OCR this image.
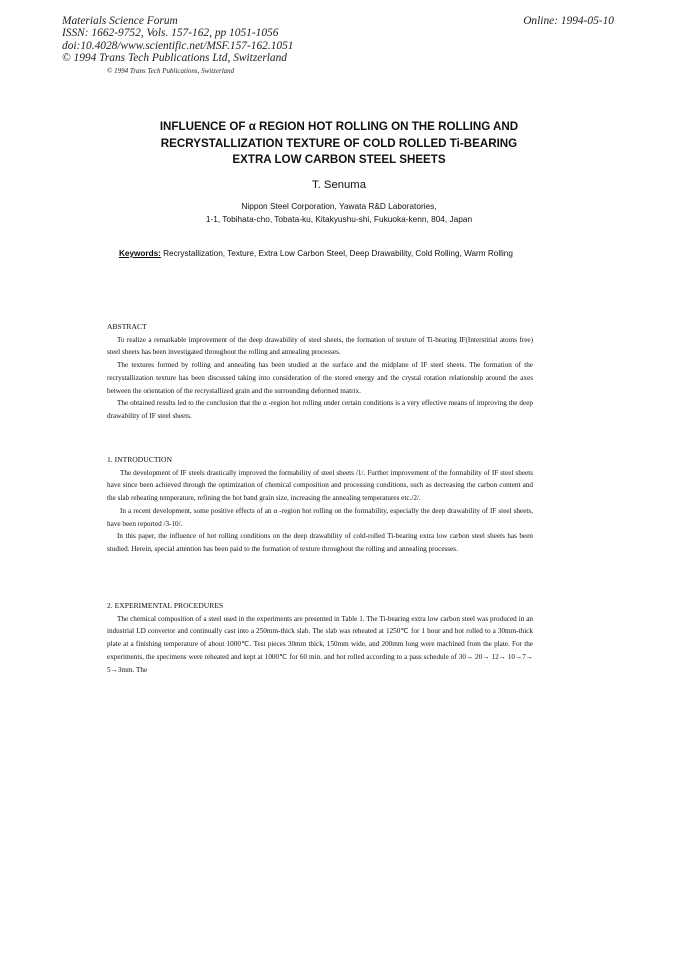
Materials Science Forum
ISSN: 1662-9752, Vols. 157-162, pp 1051-1056
doi:10.4028/www.scientific.net/MSF.157-162.1051
© 1994 Trans Tech Publications Ltd, Switzerland
Online: 1994-05-10
© 1994 Trans Tech Publications, Switzerland
INFLUENCE OF α REGION HOT ROLLING ON THE ROLLING AND
RECRYSTALLIZATION TEXTURE OF COLD ROLLED Ti-BEARING
EXTRA LOW CARBON STEEL SHEETS
T. Senuma
Nippon Steel Corporation, Yawata R&D Laboratories,
1-1, Tobihata-cho, Tobata-ku, Kitakyushu-shi, Fukuoka-kenn, 804, Japan
Keywords: Recrystallization, Texture, Extra Low Carbon Steel, Deep Drawability, Cold Rolling, Warm Rolling

ABSTRACT

To realize a remarkable improvement of the deep drawability of steel sheets, the formation of texture of Ti-bearing IF(Interstitial atoms free) steel sheets has been investigated throughout the rolling and annealing processes.

The textures formed by rolling and annealing has been studied at the surface and the midplane of IF steel sheets. The formation of the recrystallization texture has been discussed taking into consideration of the stored energy and the crystal rotation relationship around the axes between the orientation of the recrystallized grain and the surrounding deformed matrix.

The obtained results led to the conclusion that the α -region hot rolling under certain conditions is a very effective means of improving the deep drawability of IF steel sheets.

1. INTRODUCTION

The development of IF steels drastically improved the formability of steel sheets /1/. Further improvement of the formability of IF steel sheets have since been achieved through the optimization of chemical composition and processing conditions, such as decreasing the carbon content and the slab reheating temperature, refining the hot band grain size, increasing the annealing temperatures etc./2/.

In a recent development, some positive effects of an α -region hot rolling on the formability, especially the deep drawability of IF steel sheets, have been reported /3-10/.

In this paper, the influence of hot rolling conditions on the deep drawability of cold-rolled Ti-bearing extra low carbon steel sheets has been studied. Herein, special attention has been paid to the formation of texture throughout the rolling and annealing processes.

2. EXPERIMENTAL PROCEDURES

The chemical composition of a steel used in the experiments are presented in Table 1. The Ti-bearing extra low carbon steel was produced in an industrial LD convertor and continually cast into a 250mm-thick slab. The slab was reheated at 1250℃ for 1 hour and hot rolled to a 30mm-thick plate at a finishing temperature of about 1000℃. Test pieces 30mm thick, 150mm wide, and 200mm long were machined from the plate. For the experiments, the specimens were reheated and kept at 1000℃ for 60 min. and hot rolled according to a pass schedule of 30→ 20→ 12→ 10→7→ 5→3mm. The
